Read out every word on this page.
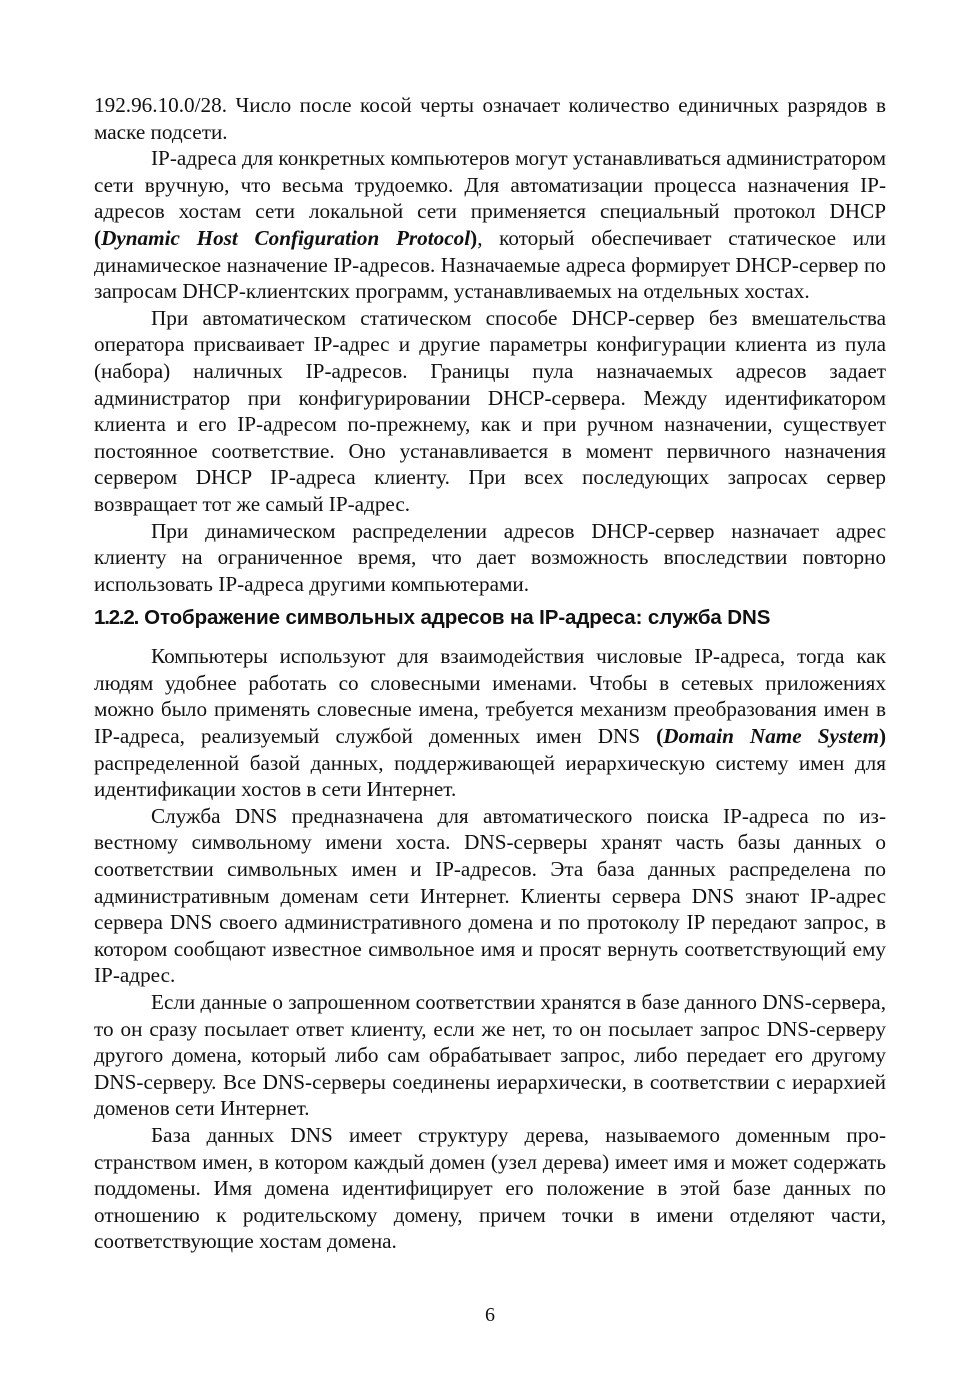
192.96.10.0/28. Число после косой черты означает количество единичных разрядов в маске подсети.

IP-адреса для конкретных компьютеров могут устанавливаться администратором сети вручную, что весьма трудоемко. Для автоматизации процесса назначения IP-адресов хостам сети локальной сети применяется специальный протокол DHCP (Dynamic Host Configuration Protocol), который обеспечивает статическое или динамическое назначение IP-адресов. Назначаемые адреса формирует DHCP-сервер по запросам DHCP-клиентских программ, устанавливаемых на отдельных хостах.

При автоматическом статическом способе DHCP-сервер без вмешательства оператора присваивает IP-адрес и другие параметры конфигурации клиента из пула (набора) наличных IP-адресов. Границы пула назначаемых адресов задает администратор при конфигурировании DHCP-сервера. Между идентификатором клиента и его IP-адресом по-прежнему, как и при ручном назначении, существует постоянное соответствие. Оно устанавливается в момент первичного назначения сервером DHCP IP-адреса клиенту. При всех последующих запросах сервер возвращает тот же самый IP-адрес.

При динамическом распределении адресов DHCP-сервер назначает адрес клиенту на ограниченное время, что дает возможность впоследствии повторно использовать IP-адреса другими компьютерами.

1.2.2. Отображение символьных адресов на IP-адреса: служба DNS

Компьютеры используют для взаимодействия числовые IP-адреса, тогда как людям удобнее работать со словесными именами. Чтобы в сетевых приложениях можно было применять словесные имена, требуется механизм преобразования имен в IP-адреса, реализуемый службой доменных имен DNS (Domain Name System) распределенной базой данных, поддерживающей иерархическую систему имен для идентификации хостов в сети Интернет.

Служба DNS предназначена для автоматического поиска IP-адреса по известному символьному имени хоста. DNS-серверы хранят часть базы данных о соответствии символьных имен и IP-адресов. Эта база данных распределена по административным доменам сети Интернет. Клиенты сервера DNS знают IP-адрес сервера DNS своего административного домена и по протоколу IP передают запрос, в котором сообщают известное символьное имя и просят вернуть соответствующий ему IP-адрес.

Если данные о запрошенном соответствии хранятся в базе данного DNS-сервера, то он сразу посылает ответ клиенту, если же нет, то он посылает запрос DNS-серверу другого домена, который либо сам обрабатывает запрос, либо передает его другому DNS-серверу. Все DNS-серверы соединены иерархически, в соответствии с иерархией доменов сети Интернет.

База данных DNS имеет структуру дерева, называемого доменным пространством имен, в котором каждый домен (узел дерева) имеет имя и может содержать поддомены. Имя домена идентифицирует его положение в этой базе данных по отношению к родительскому домену, причем точки в имени отделяют части, соответствующие хостам домена.

6
